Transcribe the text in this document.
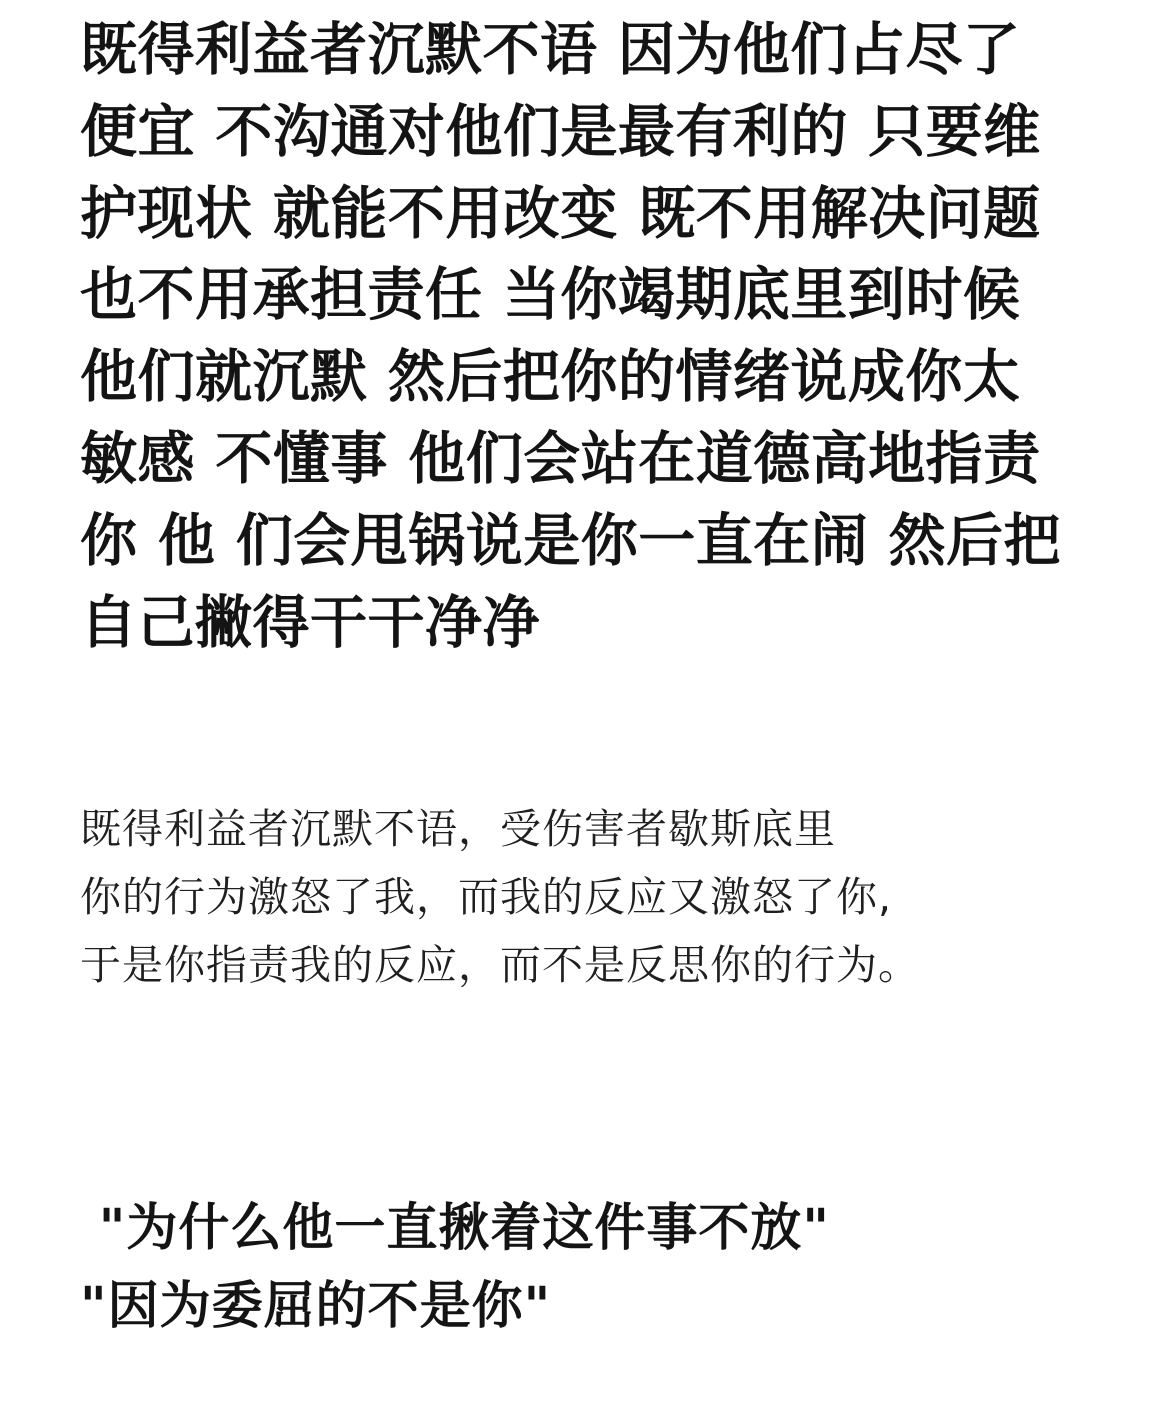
既得利益者沉默不语 因为他们占尽了
便宜 不沟通对他们是最有利的 只要维
护现状 就能不用改变 既不用解决问题
也不用承担责任 当你竭期底里到时候
他们就沉默 然后把你的情绪说成你太
敏感 不懂事 他们会站在道德高地指责
你 他 们会甩锅说是你一直在闹 然后把
自己撇得干干净净
既得利益者沉默不语，受伤害者歇斯底里
你的行为激怒了我，而我的反应又激怒了你,
于是你指责我的反应，而不是反思你的行为。
"为什么他一直揪着这件事不放"
"因为委屈的不是你"
